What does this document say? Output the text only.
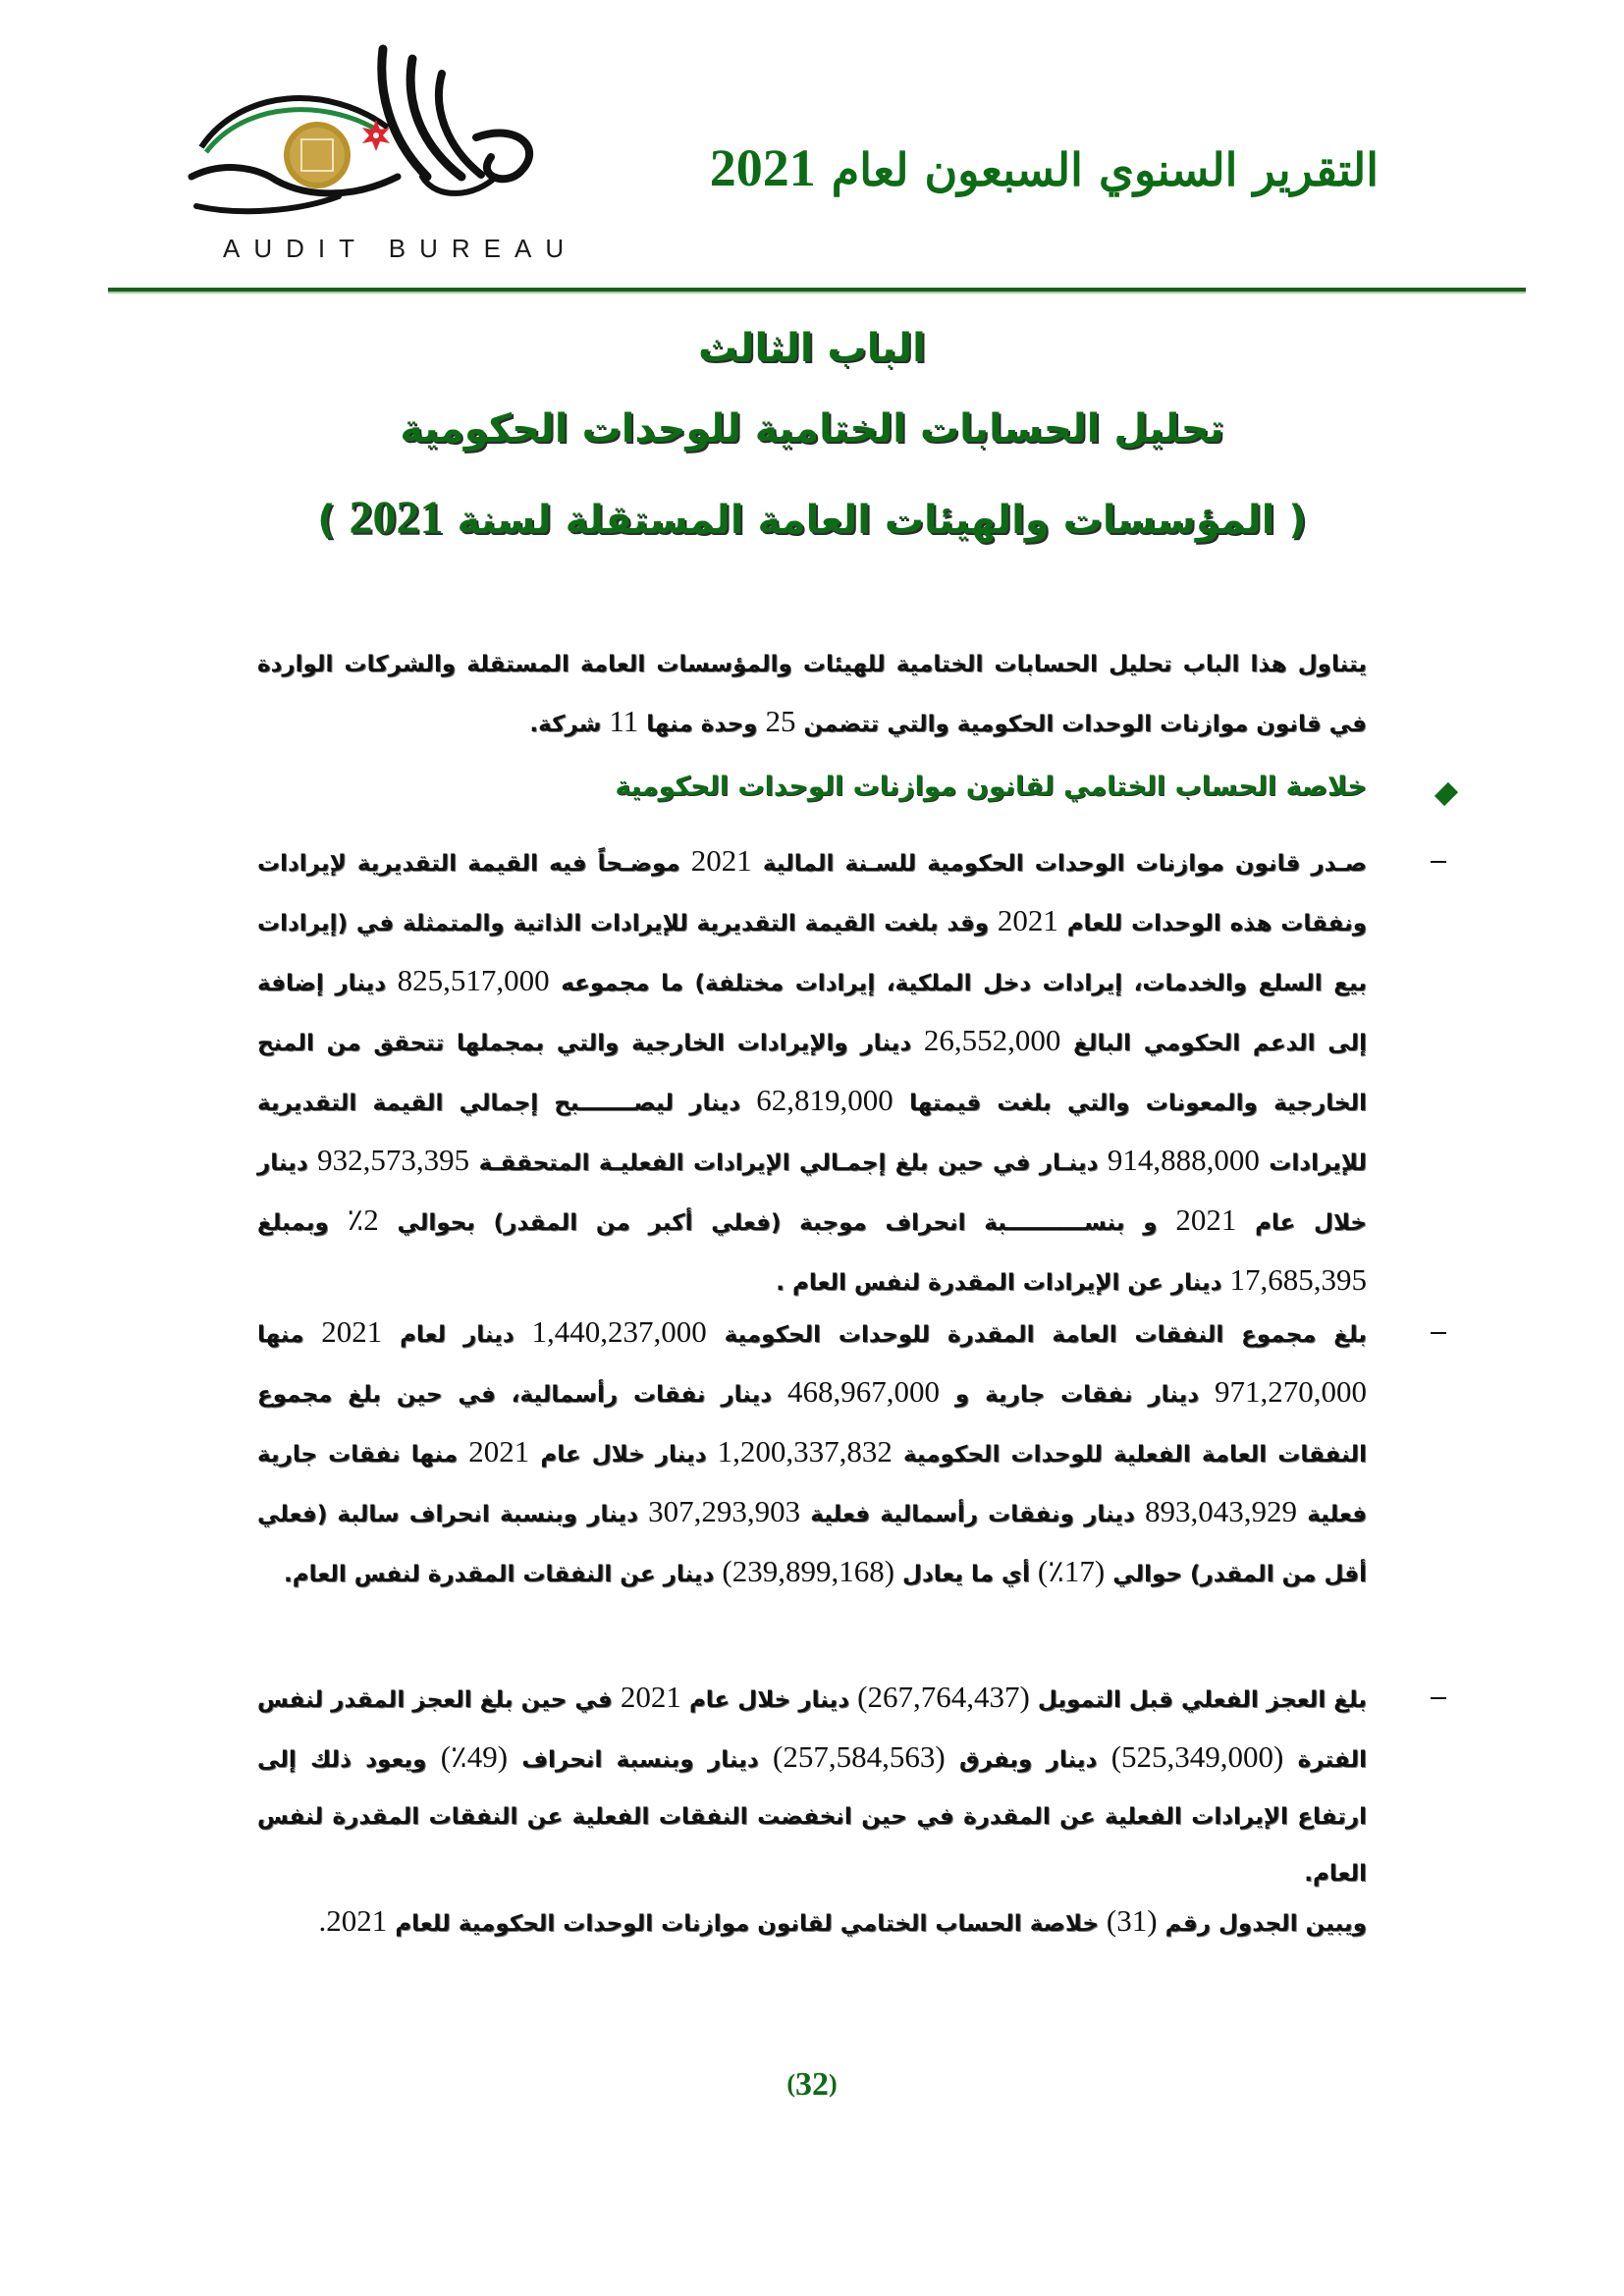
AUDIT BUREAU
التقرير السنوي السبعون لعام 2021
الباب الثالث
تحليل الحسابات الختامية للوحدات الحكومية
( المؤسسات والهيئات العامة المستقلة لسنة 2021 )
يتناول هذا الباب تحليل الحسابات الختامية للهيئات والمؤسسات العامة المستقلة والشركات الواردة في قانون موازنات الوحدات الحكومية والتي تتضمن 25 وحدة منها 11 شركة.
خلاصة الحساب الختامي لقانون موازنات الوحدات الحكومية
صـدر قانون موازنات الوحدات الحكومية للسـنة المالية 2021 موضـحاً فيه القيمة التقديرية لإيرادات ونفقات هذه الوحدات للعام 2021 وقد بلغت القيمة التقديرية للإيرادات الذاتية والمتمثلة في (إيرادات بيع السلع والخدمات، إيرادات دخل الملكية، إيرادات مختلفة) ما مجموعه 825,517,000 دينار إضافة إلى الدعم الحكومي البالغ 26,552,000 دينار والإيرادات الخارجية والتي بمجملها تتحقق من المنح الخارجية والمعونات والتي بلغت قيمتها 62,819,000 دينار ليصـــــــبح إجمالي القيمة التقديرية للإيرادات 914,888,000 دينـار في حين بلغ إجمـالي الإيرادات الفعليـة المتحققـة 932,573,395 دينار خلال عام 2021 و بنســــــــــبة انحراف موجبة (فعلي أكبر من المقدر) بحوالي 2٪ وبمبلغ 17,685,395 دينار عن الإيرادات المقدرة لنفس العام .
بلغ مجموع النفقات العامة المقدرة للوحدات الحكومية 1,440,237,000 دينار لعام 2021 منها 971,270,000 دينار نفقات جارية و 468,967,000 دينار نفقات رأسمالية، في حين بلغ مجموع النفقات العامة الفعلية للوحدات الحكومية 1,200,337,832 دينار خلال عام 2021 منها نفقات جارية فعلية 893,043,929 دينار ونفقات رأسمالية فعلية 307,293,903 دينار وبنسبة انحراف سالبة (فعلي أقل من المقدر) حوالي (17٪) أي ما يعادل (239,899,168) دينار عن النفقات المقدرة لنفس العام.
بلغ العجز الفعلي قبل التمويل (267,764,437) دينار خلال عام 2021 في حين بلغ العجز المقدر لنفس الفترة (525,349,000) دينار وبفرق (257,584,563) دينار وبنسبة انحراف (49٪) ويعود ذلك إلى ارتفاع الإيرادات الفعلية عن المقدرة في حين انخفضت النفقات الفعلية عن النفقات المقدرة لنفس العام.
ويبين الجدول رقم (31) خلاصة الحساب الختامي لقانون موازنات الوحدات الحكومية للعام 2021.
(32)
